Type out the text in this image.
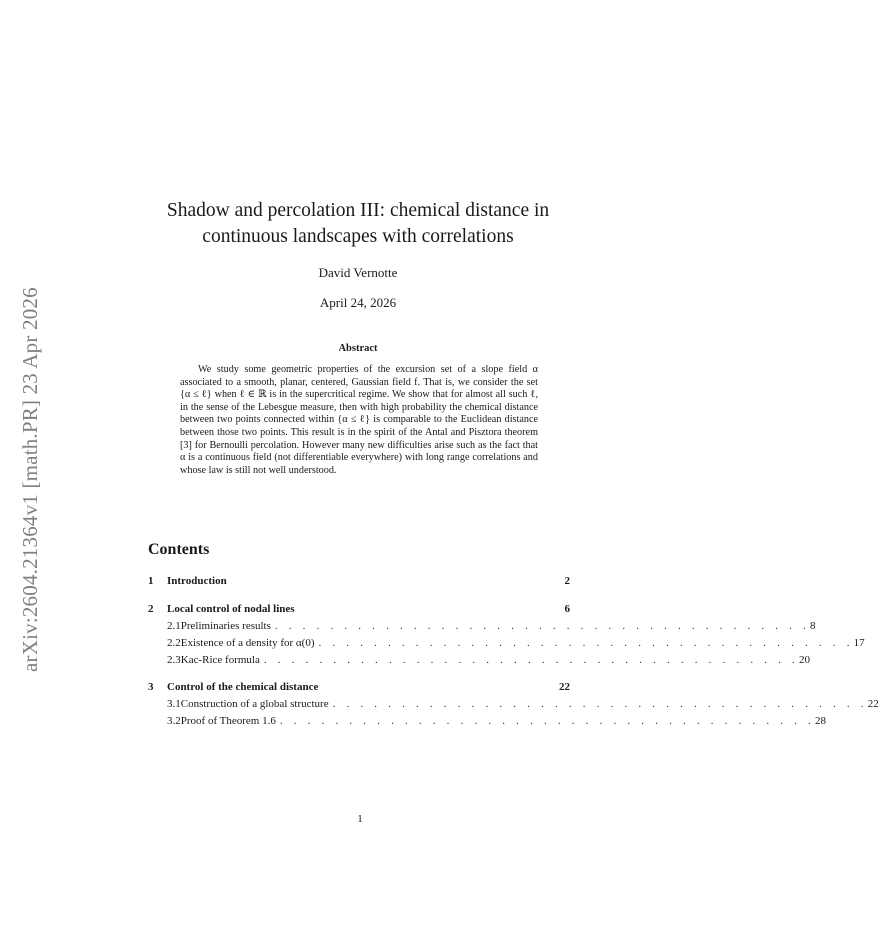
arXiv:2604.21364v1 [math.PR] 23 Apr 2026
Shadow and percolation III: chemical distance in
continuous landscapes with correlations
David Vernotte
April 24, 2026
Abstract
We study some geometric properties of the excursion set of a slope field α associated to a smooth, planar, centered, Gaussian field f. That is, we consider the set {α ≤ ℓ} when ℓ ∈ ℝ is in the supercritical regime. We show that for almost all such ℓ, in the sense of the Lebesgue measure, then with high probability the chemical distance between two points connected within {α ≤ ℓ} is comparable to the Euclidean distance between those two points. This result is in the spirit of the Antal and Pisztora theorem [3] for Bernoulli percolation. However many new difficulties arise such as the fact that α is a continuous field (not differentiable everywhere) with long range correlations and whose law is still not well understood.
Contents
1	Introduction	2
2	Local control of nodal lines	6
2.1 Preliminaries results . . . . . . . . . . . . . . . . . . . . . . . . . . . . . . . . . . . . . . . 8
2.2 Existence of a density for α(0) . . . . . . . . . . . . . . . . . . . . . . . . . . . . . . . . . . . . . . . 17
2.3 Kac-Rice formula . . . . . . . . . . . . . . . . . . . . . . . . . . . . . . . . . . . . . . . 20
3	Control of the chemical distance	22
3.1 Construction of a global structure . . . . . . . . . . . . . . . . . . . . . . . . . . . . . . . . . . . . . . . 22
3.2 Proof of Theorem 1.6 . . . . . . . . . . . . . . . . . . . . . . . . . . . . . . . . . . . . . . . 28
1
